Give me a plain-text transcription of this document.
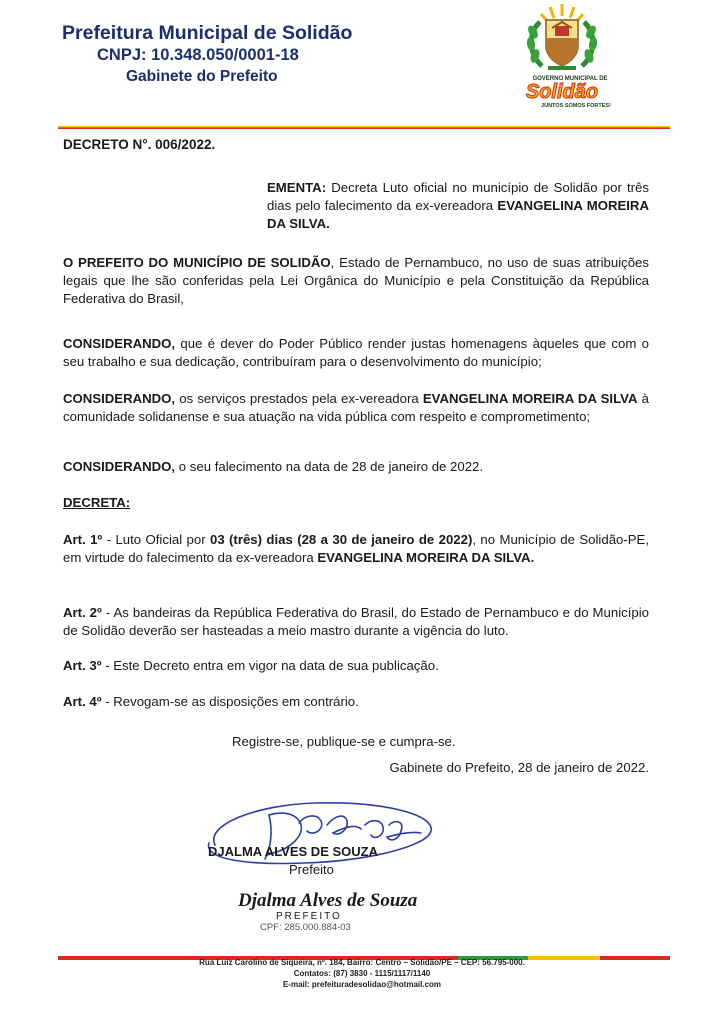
Prefeitura Municipal de Solidão
CNPJ: 10.348.050/0001-18
Gabinete do Prefeito	GOVERNO MUNICIPAL DE
Solidão
JUNTOS SOMOS FORTES!
DECRETO N°. 006/2022.
EMENTA: Decreta Luto oficial no município de Solidão por três dias pelo falecimento da ex-vereadora EVANGELINA MOREIRA DA SILVA.
O PREFEITO DO MUNICÍPIO DE SOLIDÃO, Estado de Pernambuco, no uso de suas atribuições legais que lhe são conferidas pela Lei Orgânica do Município e pela Constituição da República Federativa do Brasil,
CONSIDERANDO, que é dever do Poder Público render justas homenagens àqueles que com o seu trabalho e sua dedicação, contribuíram para o desenvolvimento do município;
CONSIDERANDO, os serviços prestados pela ex-vereadora EVANGELINA MOREIRA DA SILVA à comunidade solidanense e sua atuação na vida pública com respeito e comprometimento;
CONSIDERANDO, o seu falecimento na data de 28 de janeiro de 2022.
DECRETA:
Art. 1º - Luto Oficial por 03 (três) dias (28 a 30 de janeiro de 2022), no Município de Solidão-PE, em virtude do falecimento da ex-vereadora EVANGELINA MOREIRA DA SILVA.
Art. 2º - As bandeiras da República Federativa do Brasil, do Estado de Pernambuco e do Município de Solidão deverão ser hasteadas a meio mastro durante a vigência do luto.
Art. 3º - Este Decreto entra em vigor na data de sua publicação.
Art. 4º - Revogam-se as disposições em contrário.
Registre-se, publique-se e cumpra-se.
Gabinete do Prefeito, 28 de janeiro de 2022.
DJALMA ALVES DE SOUZA
Prefeito
Djalma Alves de Souza
PREFEITO
CPF: 285.000.884-03
Rua Luiz Carolino de Siqueira, nº. 184, Bairro: Centro – Solidão/PE – CEP: 56.795-000.
Contatos: (87) 3830 - 1115/1117/1140
E-mail: prefeituradesolidao@hotmail.com
